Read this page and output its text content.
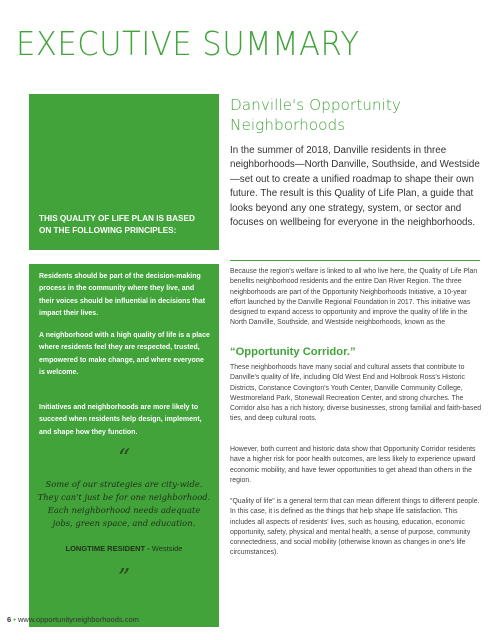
EXECUTIVE SUMMARY
THIS QUALITY OF LIFE PLAN IS BASED ON THE FOLLOWING PRINCIPLES:
Residents should be part of the decision-making process in the community where they live, and their voices should be influential in decisions that impact their lives.
A neighborhood with a high quality of life is a place where residents feel they are respected, trusted, empowered to make change, and where everyone is welcome.
Initiatives and neighborhoods are more likely to succeed when residents help design, implement, and shape how they function.
“
Some of our strategies are city-wide. They can't just be for one neighborhood. Each neighborhood needs adequate jobs, green space, and education.
LONGTIME RESIDENT - Westside
”
Danville's Opportunity Neighborhoods
In the summer of 2018, Danville residents in three neighborhoods—North Danville, Southside, and Westside—set out to create a unified roadmap to shape their own future. The result is this Quality of Life Plan, a guide that looks beyond any one strategy, system, or sector and focuses on wellbeing for everyone in the neighborhoods.
Because the region's welfare is linked to all who live here, the Quality of Life Plan benefits neighborhood residents and the entire Dan River Region. The three neighborhoods are part of the Opportunity Neighborhoods Initiative, a 10-year effort launched by the Danville Regional Foundation in 2017. This initiative was designed to expand access to opportunity and improve the quality of life in the North Danville, Southside, and Westside neighborhoods, known as the
“Opportunity Corridor.”
These neighborhoods have many social and cultural assets that contribute to Danville's quality of life, including Old West End and Holbrook Ross's Historic Districts, Constance Covington's Youth Center, Danville Community College, Westmoreland Park, Stonewall Recreation Center, and strong churches. The Corridor also has a rich history, diverse businesses, strong familial and faith-based ties, and deep cultural roots.
However, both current and historic data show that Opportunity Corridor residents have a higher risk for poor health outcomes, are less likely to experience upward economic mobility, and have fewer opportunities to get ahead than others in the region.
"Quality of life" is a general term that can mean different things to different people. In this case, it is defined as the things that help shape life satisfaction. This includes all aspects of residents' lives, such as housing, education, economic opportunity, safety, physical and mental health, a sense of purpose, community connectedness, and social mobility (otherwise known as changes in one's life circumstances).
6 • www.opportunityneighborhoods.com
